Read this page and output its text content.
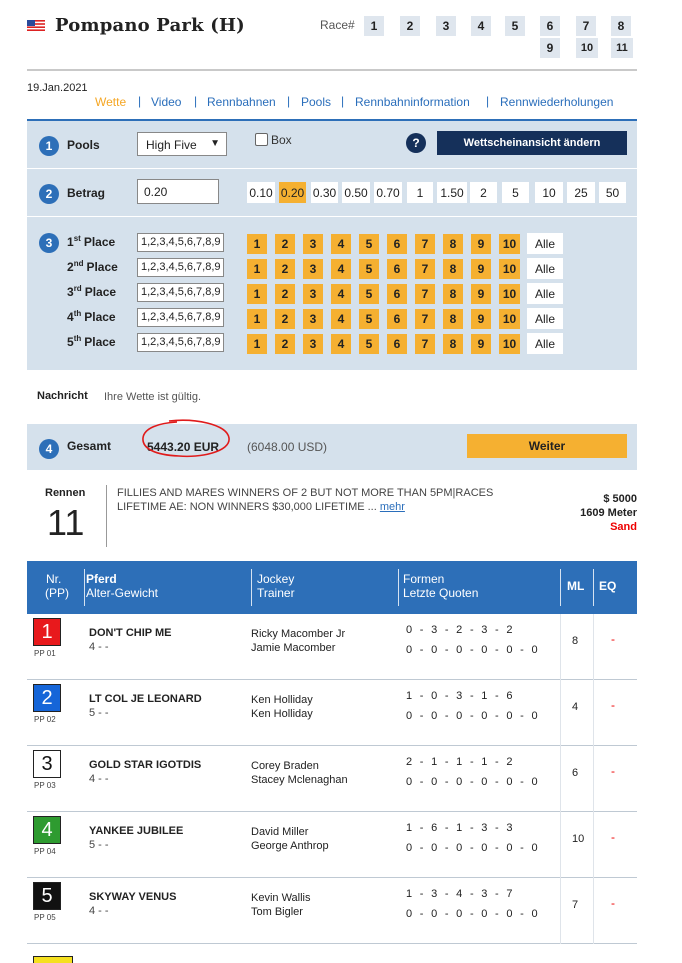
Pompano Park (H)	Race#	1	2	3	4	5	6	7	8
9	10	11
19.Jan.2021
Wette | Video | Rennbahnen | Pools | Rennbahninformation | Rennwiederholungen
1	Pools	High Five ▼	Box	?	Wettscheinansicht ändern
2	Betrag	0.20	0.10 0.20 0.30 0.50 0.70	1	1.50	2	5	10	25	50
3	1st Place	1,2,3,4,5,6,7,8,9	1	2	3	4	5	6	7	8	9	10	Alle
2nd Place	1,2,3,4,5,6,7,8,9	1	2	3	4	5	6	7	8	9	10	Alle
3rd Place	1,2,3,4,5,6,7,8,9	1	2	3	4	5	6	7	8	9	10	Alle
4th Place	1,2,3,4,5,6,7,8,9	1	2	3	4	5	6	7	8	9	10	Alle
5th Place	1,2,3,4,5,6,7,8,9	1	2	3	4	5	6	7	8	9	10	Alle
Nachricht Ihre Wette ist gültig.
4	Gesamt	5443.20 EUR (6048.00 USD)	Weiter
Rennen
11
FILLIES AND MARES WINNERS OF 2 BUT NOT MORE THAN 5PM|RACES LIFETIME AE: NON WINNERS $30,000 LIFETIME ... mehr
$ 5000
1609 Meter
Sand
Nr.
(PP)
Pferd
Alter-Gewicht
Jockey
Trainer
Formen
Letzte Quoten	ML EQ
1
PP 01
DON'T CHIP ME
4 - -
Ricky Macomber Jr
Jamie Macomber
0 - 3 - 2 - 3 - 2
0 - 0 - 0 - 0 - 0 - 0
8	-
2
PP 02
LT COL JE LEONARD
5 - -
Ken Holliday
Ken Holliday
1 - 0 - 3 - 1 - 6
0 - 0 - 0 - 0 - 0 - 0
4	-
3
PP 03
GOLD STAR IGOTDIS
4 - -
Corey Braden
Stacey Mclenaghan
2 - 1 - 1 - 1 - 2
0 - 0 - 0 - 0 - 0 - 0
6	-
4
PP 04
YANKEE JUBILEE
5 - -
David Miller
George Anthrop
1 - 6 - 1 - 3 - 3
0 - 0 - 0 - 0 - 0 - 0
10 -
5
PP 05
SKYWAY VENUS
4 - -
Kevin Wallis
Tom Bigler
1 - 3 - 4 - 3 - 7
0 - 0 - 0 - 0 - 0 - 0
7	-
